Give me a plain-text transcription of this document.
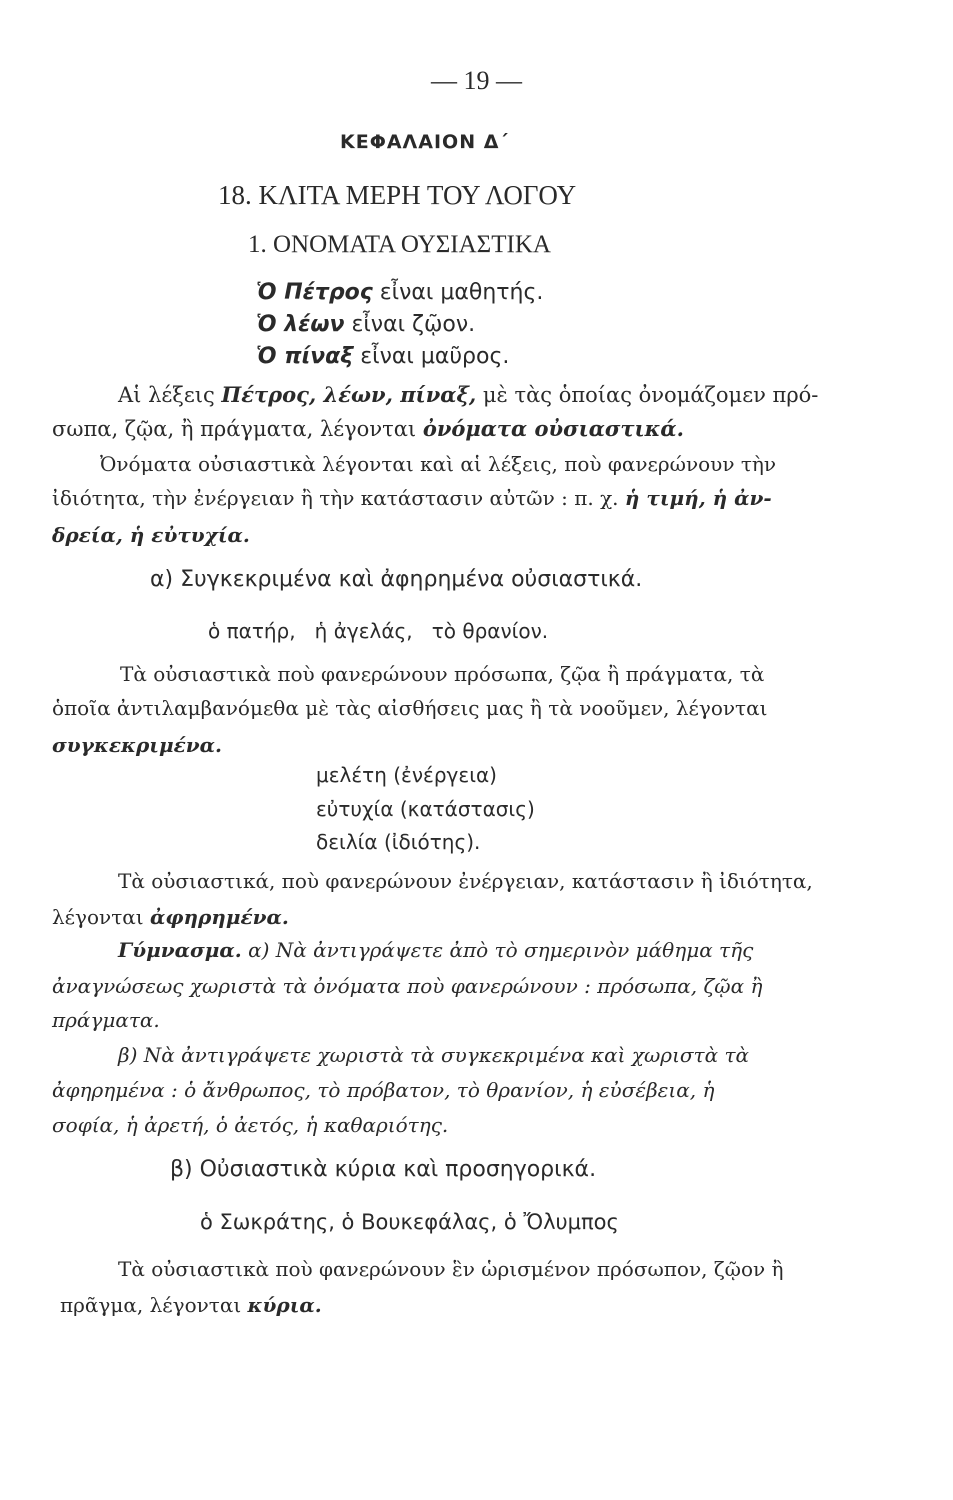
— 19 —
ΚΕΦΑΛΑΙΟΝ Δ΄
18. ΚΛΙΤΑ ΜΕΡΗ ΤΟΥ ΛΟΓΟΥ
1. ΟΝΟΜΑΤΑ ΟΥΣΙΑΣΤΙΚΑ
Ὁ Πέτρος εἶναι μαθητής.
Ὁ λέων εἶναι ζῷον.
Ὁ πίναξ εἶναι μαῦρος.
Αἱ λέξεις Πέτρος, λέων, πίναξ, μὲ τὰς ὁποίας ὀνομάζομεν πρό-
σωπα, ζῷα, ἢ πράγματα, λέγονται ὀνόματα οὐσιαστικά.
Ὀνόματα οὐσιαστικὰ λέγονται καὶ αἱ λέξεις, ποὺ φανερώνουν τὴν
ἰδιότητα, τὴν ἐνέργειαν ἢ τὴν κατάστασιν αὐτῶν : π. χ. ἡ τιμή, ἡ ἀν-
δρεία, ἡ εὐτυχία.
α) Συγκεκριμένα καὶ ἀφηρημένα οὐσιαστικά.
ὁ πατήρ,   ἡ ἀγελάς,   τὸ θρανίον.
Τὰ οὐσιαστικὰ ποὺ φανερώνουν πρόσωπα, ζῷα ἢ πράγματα, τὰ
ὁποῖα ἀντιλαμβανόμεθα μὲ τὰς αἰσθήσεις μας ἢ τὰ νοοῦμεν, λέγονται
συγκεκριμένα.
μελέτη (ἐνέργεια)
εὐτυχία (κατάστασις)
δειλία (ἰδιότης).
Τὰ οὐσιαστικά, ποὺ φανερώνουν ἐνέργειαν, κατάστασιν ἢ ἰδιότητα,
λέγονται ἀφηρημένα.
Γύμνασμα. α) Νὰ ἀντιγράψετε ἀπὸ τὸ σημερινὸν μάθημα τῆς
ἀναγνώσεως χωριστὰ τὰ ὀνόματα ποὺ φανερώνουν : πρόσωπα, ζῷα ἢ
πράγματα.
β) Νὰ ἀντιγράψετε χωριστὰ τὰ συγκεκριμένα καὶ χωριστὰ τὰ
ἀφηρημένα : ὁ ἄνθρωπος, τὸ πρόβατον, τὸ θρανίον, ἡ εὐσέβεια, ἡ
σοφία, ἡ ἀρετή, ὁ ἀετός, ἡ καθαριότης.
β) Οὐσιαστικὰ κύρια καὶ προσηγορικά.
ὁ Σωκράτης, ὁ Βουκεφάλας, ὁ Ὄλυμπος
Τὰ οὐσιαστικὰ ποὺ φανερώνουν ἓν ὡρισμένον πρόσωπον, ζῷον ἢ
πρᾶγμα, λέγονται κύρια.
